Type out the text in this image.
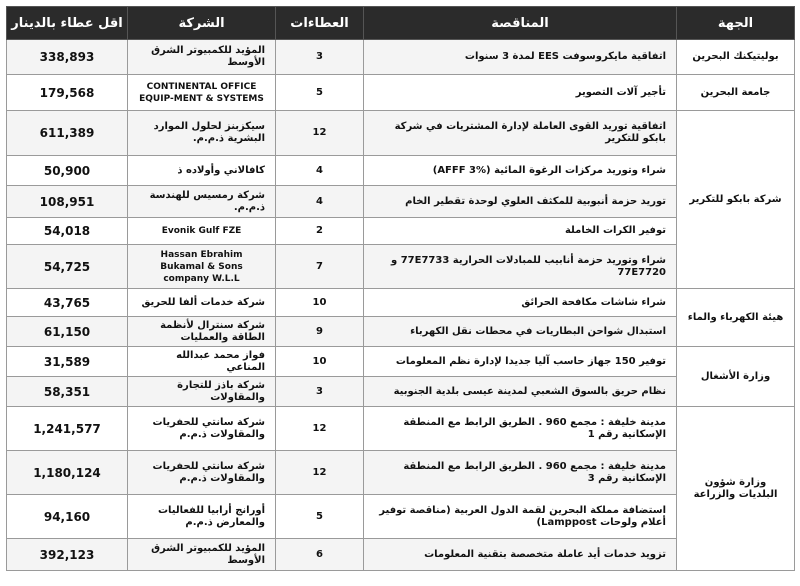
الجهة	المناقصة	العطاءات	الشركة	اقل عطاء بالدينار
بوليتيكنك البحرين	اتفاقية مايكروسوفت EES لمدة 3 سنوات	3	المؤيد للكمبيوتر الشرق الأوسط	338,893
جامعة البحرين	تأجير آلات التصوير	5	CONTINENTAL OFFICE EQUIP-MENT & SYSTEMS	179,568
شركة بابكو للتكرير	اتفاقية توريد القوى العاملة لإدارة المشتريات في شركة بابكو للتكرير	12	سيكزبنز لحلول الموارد البشرية ذ.م.م.	611,389
	شراء وتوريد مركزات الرغوة المائية (AFFF 3%)	4	كافالاني وأولاده ذ	50,900
	توريد حزمة أنبوبية للمكثف العلوي لوحدة تقطير الخام	4	شركة رمسيس للهندسة ذ.م.م.	108,951
	توفير الكرات الخاملة	2	Evonik Gulf FZE	54,018
	شراء وتوريد حزمة أنابيب للمبادلات الحرارية 77E7733 و 77E7720	7	Hassan Ebrahim Bukamal & Sons company W.L.L	54,725
هيئة الكهرباء والماء	شراء شاشات مكافحة الحرائق	10	شركة خدمات ألفا للحريق	43,765
	استبدال شواحن البطاريات في محطات نقل الكهرباء	9	شركة سنترال لأنظمة الطاقة والعمليات	61,150
وزارة الأشغال	توفير 150 جهاز حاسب آليا جديدا لإدارة نظم المعلومات	10	فواز محمد عبدالله المناعي	31,589
	نظام حريق بالسوق الشعبي لمدينة عيسى بلدية الجنوبية	3	شركة باذز للتجارة والمقاولات	58,351
وزارة شؤون البلديات والزراعة	مدينة خليفة : مجمع 960 . الطريق الرابط مع المنطقة الإسكانية رقم 1	12	شركة سانتي للحفريات والمقاولات ذ.م.م	1,241,577
	مدينة خليفة : مجمع 960 . الطريق الرابط مع المنطقة الإسكانية رقم 3	12	شركة سانتي للحفريات والمقاولات ذ.م.م	1,180,124
	استضافة مملكة البحرين لقمة الدول العربية (مناقصة توفير أعلام ولوحات Lamppost)	5	أورانج أرابيا للفعاليات والمعارض ذ.م.م	94,160
	تزويد خدمات أيد عاملة متخصصة بتقنية المعلومات	6	المؤيد للكمبيوتر الشرق الأوسط	392,123
